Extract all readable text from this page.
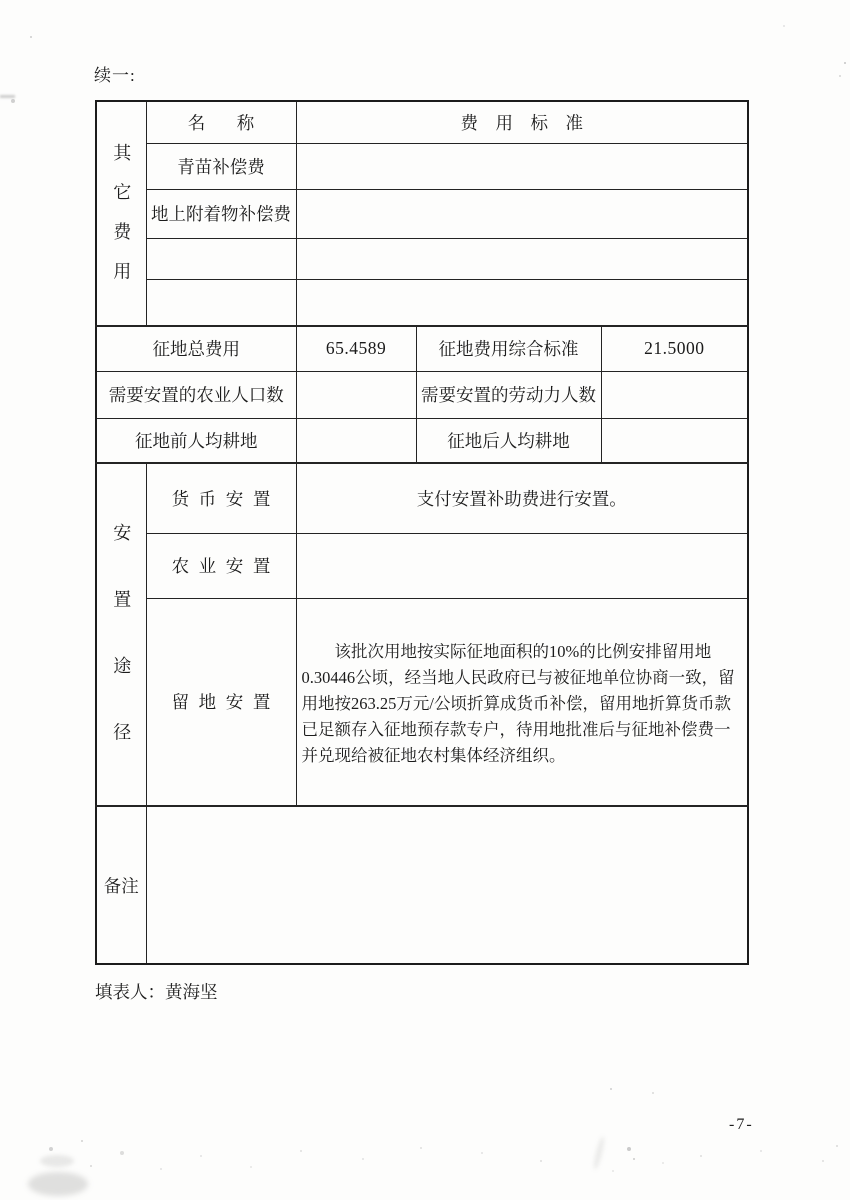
续一:
其它费用	名称	费用标准		
	青苗补偿费			
	地上附着物补偿费			

征地总费用		65.4589	征地费用综合标准	21.5000
需要安置的农业人口数			需要安置的劳动力人数	
征地前人均耕地			征地后人均耕地	
安置途径	货币安置	支付安置补助费进行安置。		
	农业安置			
	留地安置	该批次用地按实际征地面积的10%的比例安排留用地0.30446公顷，经当地人民政府已与被征地单位协商一致，留用地按263.25万元/公顷折算成货币补偿，留用地折算货币款已足额存入征地预存款专户，待用地批准后与征地补偿费一并兑现给被征地农村集体经济组织。		

备注				
填表人：黄海坚
-7-
